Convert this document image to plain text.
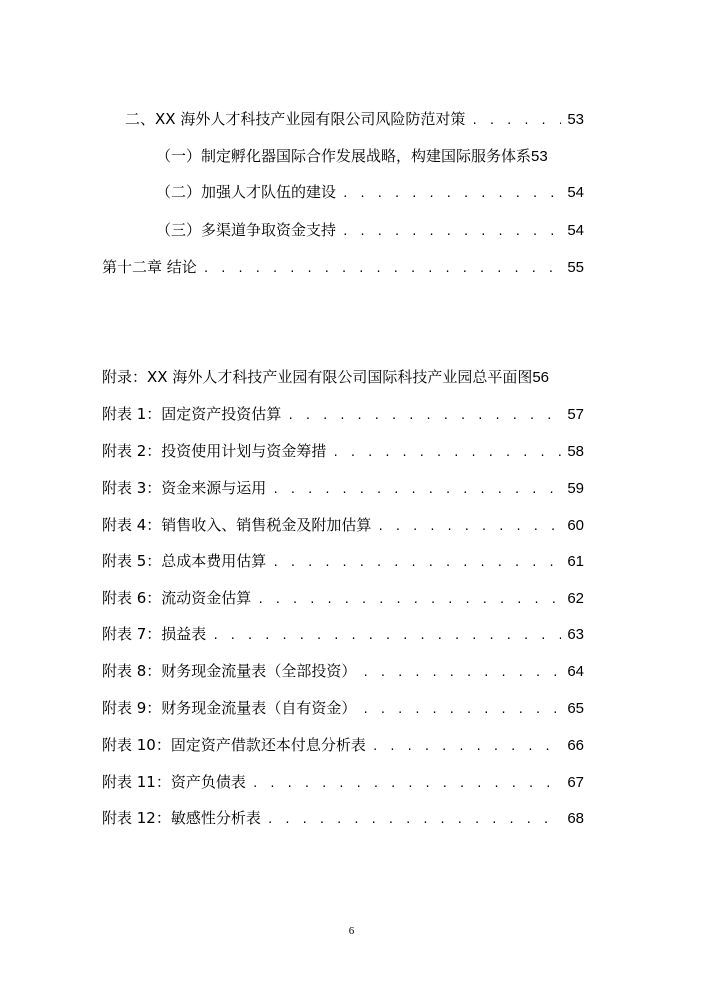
二、XX 海外人才科技产业园有限公司风险防范对策 . . .	53
（一）制定孵化器国际合作发展战略，构建国际服务体系 53
（二）加强人才队伍的建设 . . .	54
（三）多渠道争取资金支持 . . .	54
第十二章 结论 . . .	55
附录：XX 海外人才科技产业园有限公司国际科技产业园总平面图 56
附表 1：固定资产投资估算 . . .	57
附表 2：投资使用计划与资金筹措 . . .	58
附表 3：资金来源与运用 . . .	59
附表 4：销售收入、销售税金及附加估算 . . .	60
附表 5：总成本费用估算 . . .	61
附表 6：流动资金估算 . . .	62
附表 7：损益表 . . .	63
附表 8：财务现金流量表（全部投资） . . .	64
附表 9：财务现金流量表（自有资金） . . .	65
附表 10：固定资产借款还本付息分析表 . . .	66
附表 11：资产负债表 . . .	67
附表 12：敏感性分析表 . . .	68
6
